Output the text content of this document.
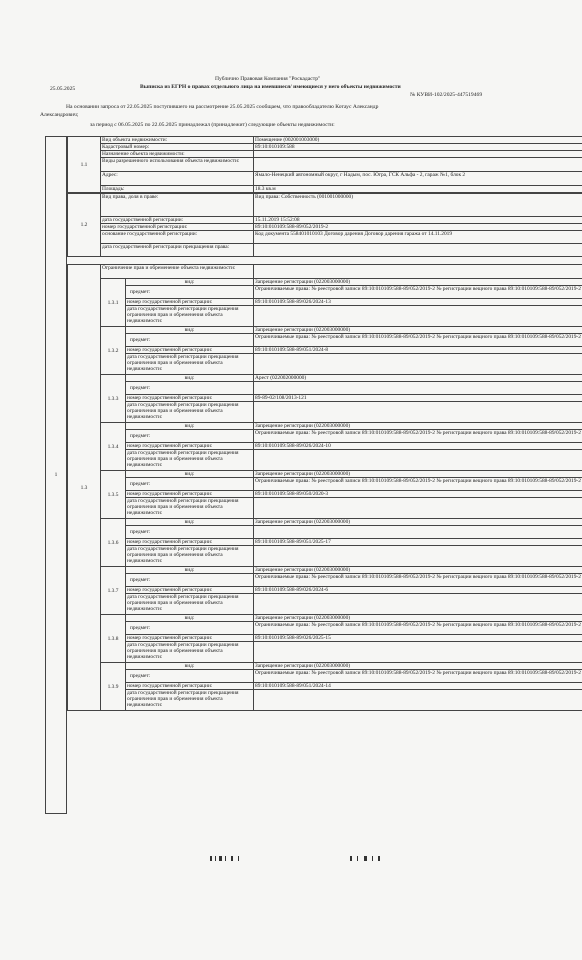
Публично Правовая Компания "Роскадастр"
25.05.2025	Выписка из ЕГРН о правах отдельного лица на имевшиеся/ имеющиеся у него объекты недвижимости
№ КУВИ-102/2025-447519469
На основании запроса от 22.05.2025 поступившего на рассмотрение 25.05.2025 сообщаем, что правообладателю Котаус Александр
Александрович;
за период с 06.05.2025 по 22.05.2025 принадлежал (принадлежит) следующие объекты недвижимости:
1
1.1	Вид объекта недвижимости:	Помещение (002001003000)
	Кадастровый номер:	89:10:010109:588
	Назначение объекта недвижимости:	
	Виды разрешенного использования объекта недвижимости:	
	Адрес:	Ямало-Ненецкий автономный округ, г Надым, пос. Югра, ГСК Альфа - 2, гараж №1, блок 2
	Площадь:	18.3 кв.м
1.2	Вид права, доля в праве:	Вид права: Собственность (001001000000)
	дата государственной регистрации:	15.11.2019 15:52:08
	номер государственной регистрации:	89:10:010109:588-89/052/2019-2
	основание государственной регистрации:	Код документа 558401010103 Договор дарения Договор дарения гаража от 14.11.2019
	дата государственной регистрации прекращения права:	
1.3	Ограничение прав и обременение объекта недвижимости:		
	1.3.1	вид:	Запрещение регистрации (022003000000)
		предмет:	Ограничиваемые права: № реестровой записи 89:10:010109:588-89/052/2019-2 № регистрации вещного права 89:10:010109:588-89/052/2019-2
		номер государственной регистрации:	89:10:010109:588-89/026/2024-13
		дата государственной регистрации прекращения ограничения прав и обременения объекта недвижимости:	
	1.3.2	вид:	Запрещение регистрации (022003000000)
		предмет:	Ограничиваемые права: № реестровой записи 89:10:010109:588-89/052/2019-2 № регистрации вещного права 89:10:010109:588-89/052/2019-2
		номер государственной регистрации:	89:10:010109:588-89/051/2024-8
		дата государственной регистрации прекращения ограничения прав и обременения объекта недвижимости:	
	1.3.3	вид:	Арест (022002000000)
		предмет:	
		номер государственной регистрации:	89-89-02/108/2013-121
		дата государственной регистрации прекращения ограничения прав и обременения объекта недвижимости:	
	1.3.4	вид:	Запрещение регистрации (022003000000)
		предмет:	Ограничиваемые права: № реестровой записи 89:10:010109:588-89/052/2019-2 № регистрации вещного права 89:10:010109:588-89/052/2019-2
		номер государственной регистрации:	89:10:010109:588-89/026/2024-10
		дата государственной регистрации прекращения ограничения прав и обременения объекта недвижимости:	
	1.3.5	вид:	Запрещение регистрации (022003000000)
		предмет:	Ограничиваемые права: № реестровой записи 89:10:010109:588-89/052/2019-2 № регистрации вещного права 89:10:010109:588-89/052/2019-2
		номер государственной регистрации:	89:10:010109:588-89/050/2020-3
		дата государственной регистрации прекращения ограничения прав и обременения объекта недвижимости:	
	1.3.6	вид:	Запрещение регистрации (022003000000)
		предмет:	
		номер государственной регистрации:	89:10:010109:588-89/051/2025-17
		дата государственной регистрации прекращения ограничения прав и обременения объекта недвижимости:	
	1.3.7	вид:	Запрещение регистрации (022003000000)
		предмет:	Ограничиваемые права: № реестровой записи 89:10:010109:588-89/052/2019-2 № регистрации вещного права 89:10:010109:588-89/052/2019-2
		номер государственной регистрации:	89:10:010109:588-89/026/2024-6
		дата государственной регистрации прекращения ограничения прав и обременения объекта недвижимости:	
	1.3.8	вид:	Запрещение регистрации (022003000000)
		предмет:	Ограничиваемые права: № реестровой записи 89:10:010109:588-89/052/2019-2 № регистрации вещного права 89:10:010109:588-89/052/2019-2
		номер государственной регистрации:	89:10:010109:588-89/026/2025-15
		дата государственной регистрации прекращения ограничения прав и обременения объекта недвижимости:	
	1.3.9	вид:	Запрещение регистрации (022003000000)
		предмет:	Ограничиваемые права: № реестровой записи 89:10:010109:588-89/052/2019-2 № регистрации вещного права 89:10:010109:588-89/052/2019-2
		номер государственной регистрации:	89:10:010109:588-89/051/2024-14
		дата государственной регистрации прекращения ограничения прав и обременения объекта недвижимости:	
